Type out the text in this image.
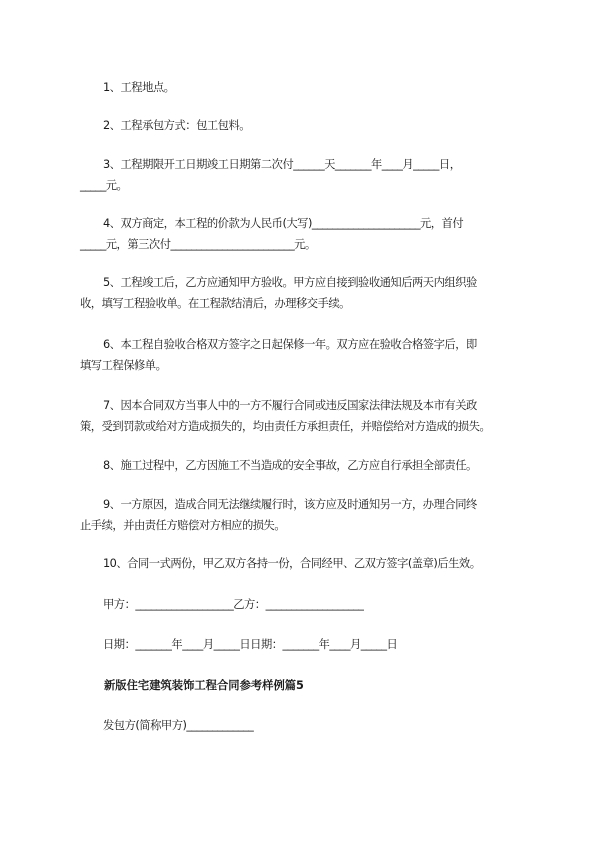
1、工程地点。
2、工程承包方式：包工包料。
3、工程期限开工日期竣工日期第二次付______天_______年____月_____日，
_____元。
4、双方商定，本工程的价款为人民币(大写)_____________________元，首付
_____元，第三次付________________________元。
5、工程竣工后，乙方应通知甲方验收。甲方应自接到验收通知后两天内组织验
收，填写工程验收单。在工程款结清后，办理移交手续。
6、本工程自验收合格双方签字之日起保修一年。双方应在验收合格签字后，即
填写工程保修单。
7、因本合同双方当事人中的一方不履行合同或违反国家法律法规及本市有关政
策，受到罚款或给对方造成损失的，均由责任方承担责任，并赔偿给对方造成的损失。
8、施工过程中，乙方因施工不当造成的安全事故，乙方应自行承担全部责任。
9、一方原因，造成合同无法继续履行时，该方应及时通知另一方，办理合同终
止手续，并由责任方赔偿对方相应的损失。
10、合同一式两份，甲乙双方各持一份，合同经甲、乙双方签字(盖章)后生效。
甲方：___________________乙方：___________________
日期：_______年____月_____日日期：_______年____月_____日
新版住宅建筑装饰工程合同参考样例篇5
发包方(简称甲方)_____________
